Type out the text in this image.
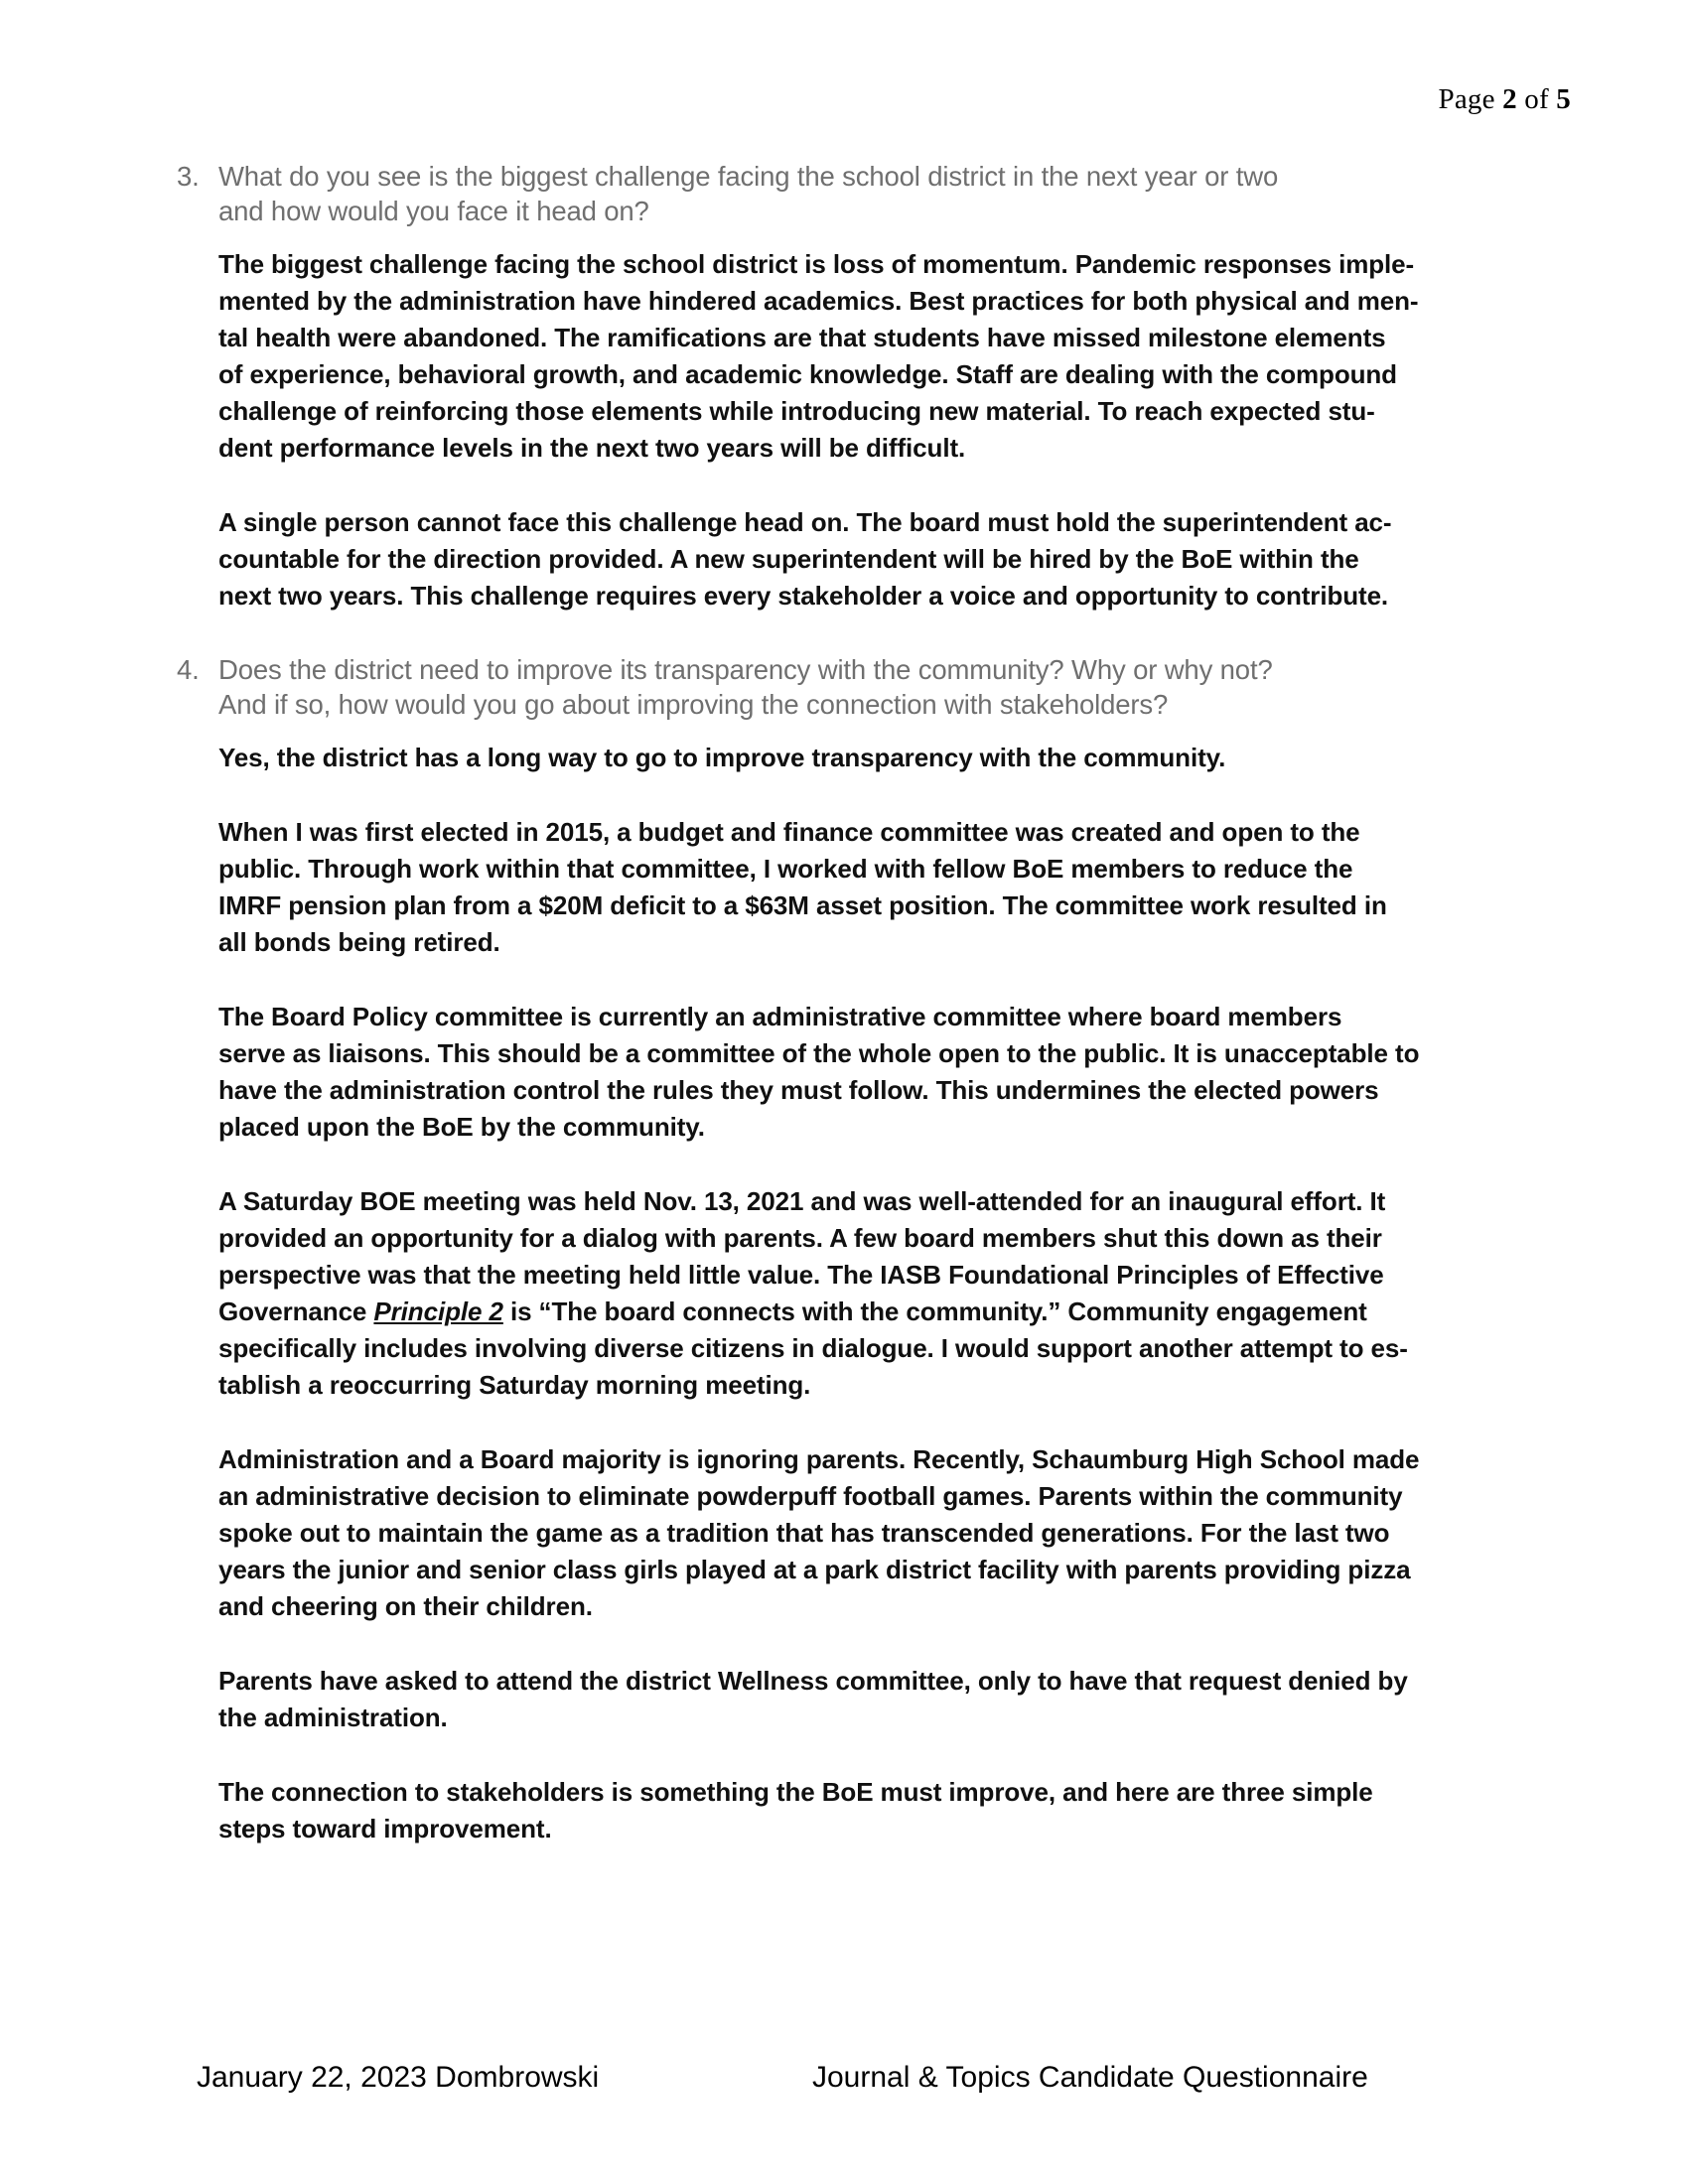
Page 2 of 5
3. What do you see is the biggest challenge facing the school district in the next year or two
and how would you face it head on?

The biggest challenge facing the school district is loss of momentum. Pandemic responses imple-
mented by the administration have hindered academics. Best practices for both physical and men-
tal health were abandoned. The ramifications are that students have missed milestone elements
of experience, behavioral growth, and academic knowledge. Staff are dealing with the compound
challenge of reinforcing those elements while introducing new material. To reach expected stu-
dent performance levels in the next two years will be difficult.

A single person cannot face this challenge head on. The board must hold the superintendent ac-
countable for the direction provided. A new superintendent will be hired by the BoE within the
next two years. This challenge requires every stakeholder a voice and opportunity to contribute.

4. Does the district need to improve its transparency with the community? Why or why not?
And if so, how would you go about improving the connection with stakeholders?

Yes, the district has a long way to go to improve transparency with the community.

When I was first elected in 2015, a budget and finance committee was created and open to the
public. Through work within that committee, I worked with fellow BoE members to reduce the
IMRF pension plan from a $20M deficit to a $63M asset position. The committee work resulted in
all bonds being retired.

The Board Policy committee is currently an administrative committee where board members
serve as liaisons. This should be a committee of the whole open to the public. It is unacceptable to
have the administration control the rules they must follow. This undermines the elected powers
placed upon the BoE by the community.

A Saturday BOE meeting was held Nov. 13, 2021 and was well-attended for an inaugural effort. It
provided an opportunity for a dialog with parents. A few board members shut this down as their
perspective was that the meeting held little value. The IASB Foundational Principles of Effective
Governance Principle 2 is “The board connects with the community.” Community engagement
specifically includes involving diverse citizens in dialogue. I would support another attempt to es-
tablish a reoccurring Saturday morning meeting.

Administration and a Board majority is ignoring parents. Recently, Schaumburg High School made
an administrative decision to eliminate powderpuff football games. Parents within the community
spoke out to maintain the game as a tradition that has transcended generations. For the last two
years the junior and senior class girls played at a park district facility with parents providing pizza
and cheering on their children.

Parents have asked to attend the district Wellness committee, only to have that request denied by
the administration.

The connection to stakeholders is something the BoE must improve, and here are three simple
steps toward improvement.

January 22, 2023 Dombrowski	Journal & Topics Candidate Questionnaire
